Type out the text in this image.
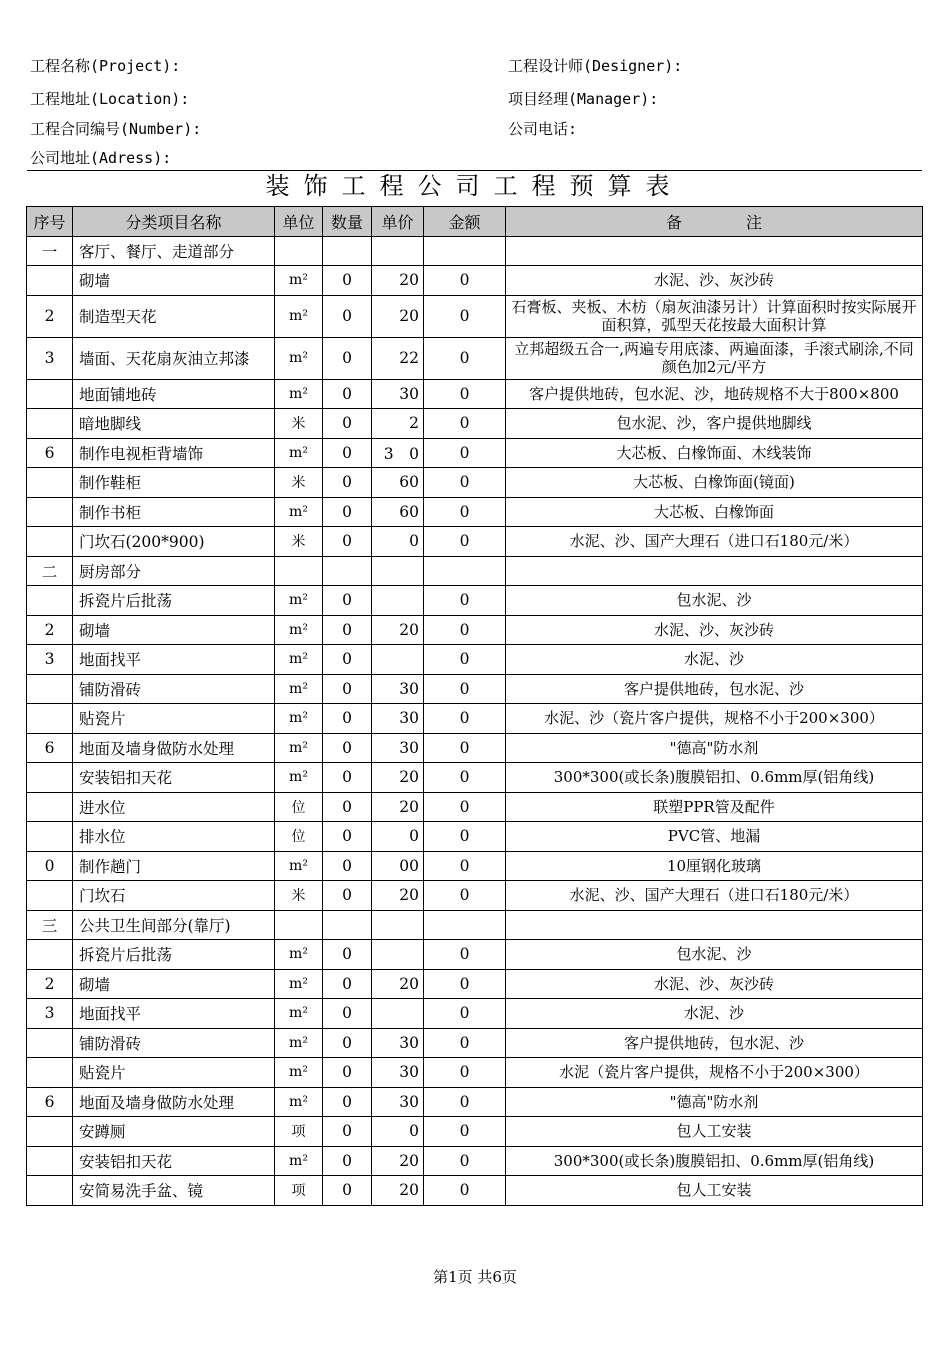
工程名称(Project):	工程设计师(Designer):
工程地址(Location):	项目经理(Manager):
工程合同编号(Number):	公司电话:
公司地址(Adress):
装饰工程公司工程预算表
序号	分类项目名称	单位	数量	单价	金额	备　　　　注
一	客厅、餐厅、走道部分					
	砌墙	m²	0	20	0	水泥、沙、灰沙砖
2	制造型天花	m²	0	20	0	石膏板、夹板、木枋（扇灰油漆另计）计算面积时按实际展开面积算，弧型天花按最大面积计算
3	墙面、天花扇灰油立邦漆	m²	0	22	0	立邦超级五合一,两遍专用底漆、两遍面漆，手滚式刷涂,不同颜色加2元/平方
	地面铺地砖	m²	0	30	0	客户提供地砖，包水泥、沙，地砖规格不大于800×800
	暗地脚线	米	0	2	0	包水泥、沙，客户提供地脚线
6	制作电视柜背墙饰	m²	0	3　0	0	大芯板、白橡饰面、木线装饰
	制作鞋柜	米	0	60	0	大芯板、白橡饰面(镜面)
	制作书柜	m²	0	60	0	大芯板、白橡饰面
	门坎石(200*900)	米	0	0	0	水泥、沙、国产大理石（进口石180元/米）
二	厨房部分					
	拆瓷片后批荡	m²	0		0	包水泥、沙
2	砌墙	m²	0	20	0	水泥、沙、灰沙砖
3	地面找平	m²	0		0	水泥、沙
	铺防滑砖	m²	0	30	0	客户提供地砖，包水泥、沙
	贴瓷片	m²	0	30	0	水泥、沙（瓷片客户提供，规格不小于200×300）
6	地面及墙身做防水处理	m²	0	30	0	"德高"防水剂
	安装铝扣天花	m²	0	20	0	300*300(或长条)腹膜铝扣、0.6mm厚(铝角线)
	进水位	位	0	20	0	联塑PPR管及配件
	排水位	位	0	0	0	PVC管、地漏
0	制作趟门	m²	0	00	0	10厘钢化玻璃
	门坎石	米	0	20	0	水泥、沙、国产大理石（进口石180元/米）
三	公共卫生间部分(靠厅)					
	拆瓷片后批荡	m²	0		0	包水泥、沙
2	砌墙	m²	0	20	0	水泥、沙、灰沙砖
3	地面找平	m²	0		0	水泥、沙
	铺防滑砖	m²	0	30	0	客户提供地砖，包水泥、沙
	贴瓷片	m²	0	30	0	水泥（瓷片客户提供，规格不小于200×300）
6	地面及墙身做防水处理	m²	0	30	0	"德高"防水剂
	安蹲厕	项	0	0	0	包人工安装
	安装铝扣天花	m²	0	20	0	300*300(或长条)腹膜铝扣、0.6mm厚(铝角线)
	安简易洗手盆、镜	项	0	20	0	包人工安装
第1页 共6页
